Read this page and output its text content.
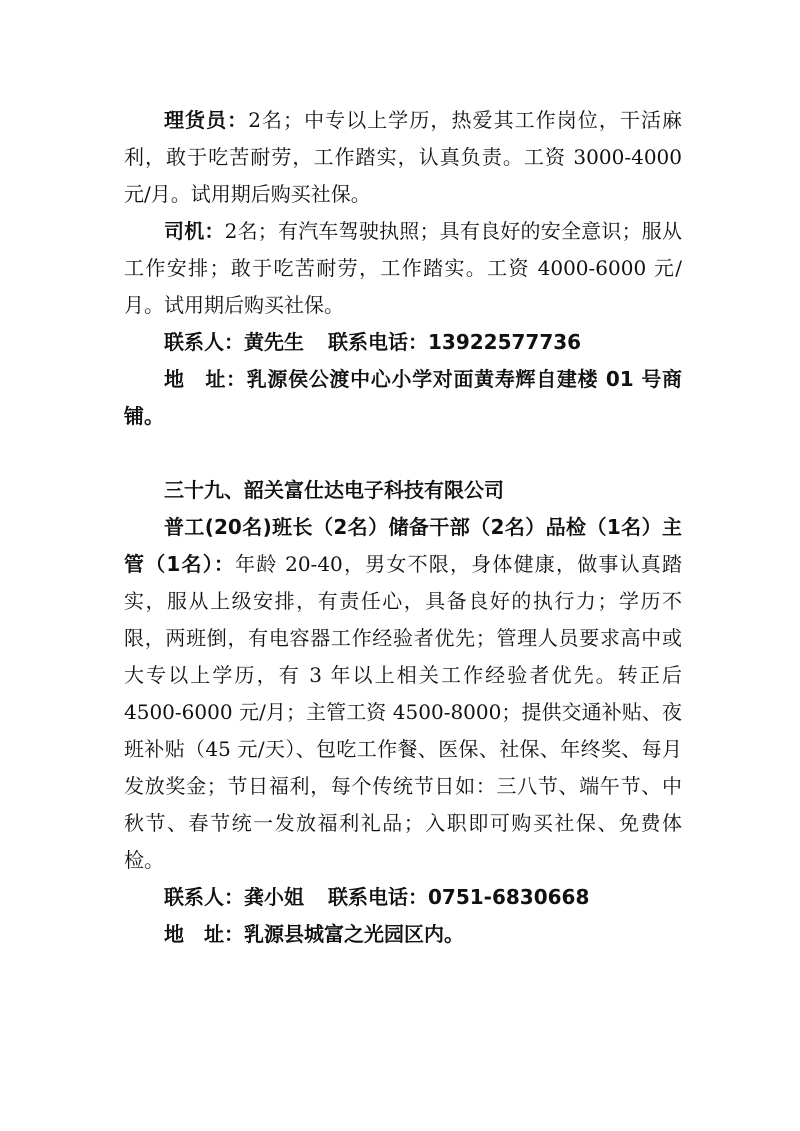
理货员：2名；中专以上学历，热爱其工作岗位，干活麻利，敢于吃苦耐劳，工作踏实，认真负责。工资 3000-4000 元/月。试用期后购买社保。

司机：2名；有汽车驾驶执照；具有良好的安全意识；服从工作安排；敢于吃苦耐劳，工作踏实。工资 4000-6000 元/月。试用期后购买社保。

联系人：黄先生 联系电话：13922577736

地 址：乳源侯公渡中心小学对面黄寿辉自建楼 01 号商铺。

三十九、韶关富仕达电子科技有限公司

普工(20名)班长（2名）储备干部（2名）品检（1名）主管（1名）：年龄 20-40，男女不限，身体健康，做事认真踏实，服从上级安排，有责任心，具备良好的执行力；学历不限，两班倒，有电容器工作经验者优先；管理人员要求高中或大专以上学历，有 3 年以上相关工作经验者优先。转正后 4500-6000 元/月；主管工资 4500-8000；提供交通补贴、夜班补贴（45 元/天）、包吃工作餐、医保、社保、年终奖、每月发放奖金；节日福利，每个传统节日如：三八节、端午节、中秋节、春节统一发放福利礼品；入职即可购买社保、免费体检。

联系人：龚小姐 联系电话：0751-6830668

地 址：乳源县城富之光园区内。
